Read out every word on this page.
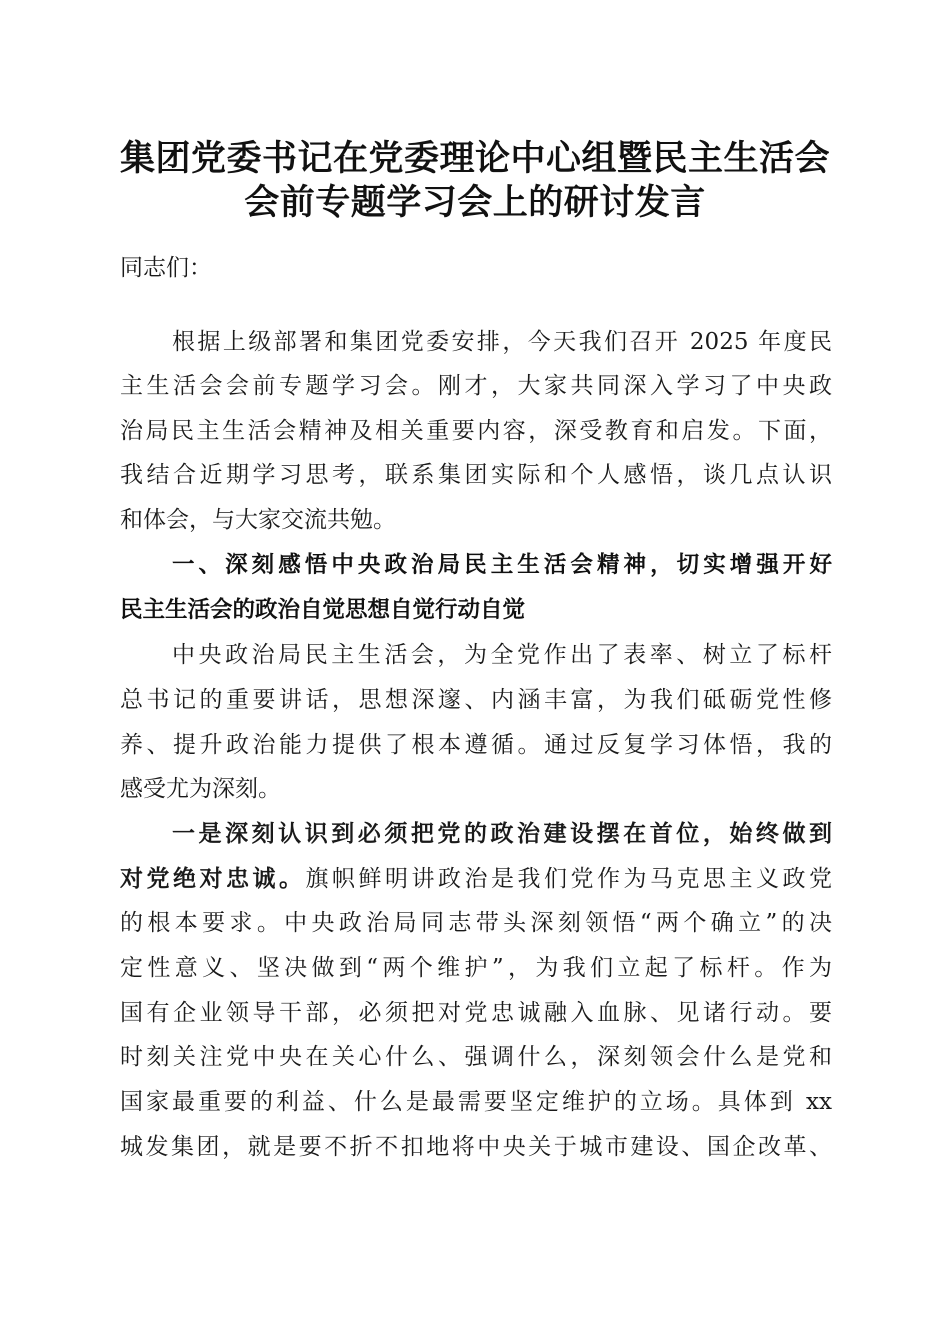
集团党委书记在党委理论中心组暨民主生活会
会前专题学习会上的研讨发言
同志们：
根据上级部署和集团党委安排，今天我们召开 2025 年度民
主生活会会前专题学习会。刚才，大家共同深入学习了中央政
治局民主生活会精神及相关重要内容，深受教育和启发。下面，
我结合近期学习思考，联系集团实际和个人感悟，谈几点认识
和体会，与大家交流共勉。
一、深刻感悟中央政治局民主生活会精神，切实增强开好
民主生活会的政治自觉思想自觉行动自觉
中央政治局民主生活会，为全党作出了表率、树立了标杆
总书记的重要讲话，思想深邃、内涵丰富，为我们砥砺党性修
养、提升政治能力提供了根本遵循。通过反复学习体悟，我的
感受尤为深刻。
一是深刻认识到必须把党的政治建设摆在首位，始终做到
对党绝对忠诚。旗帜鲜明讲政治是我们党作为马克思主义政党
的根本要求。中央政治局同志带头深刻领悟“两个确立”的决
定性意义、坚决做到“两个维护”，为我们立起了标杆。作为
国有企业领导干部，必须把对党忠诚融入血脉、见诸行动。要
时刻关注党中央在关心什么、强调什么，深刻领会什么是党和
国家最重要的利益、什么是最需要坚定维护的立场。具体到 xx
城发集团，就是要不折不扣地将中央关于城市建设、国企改革、
